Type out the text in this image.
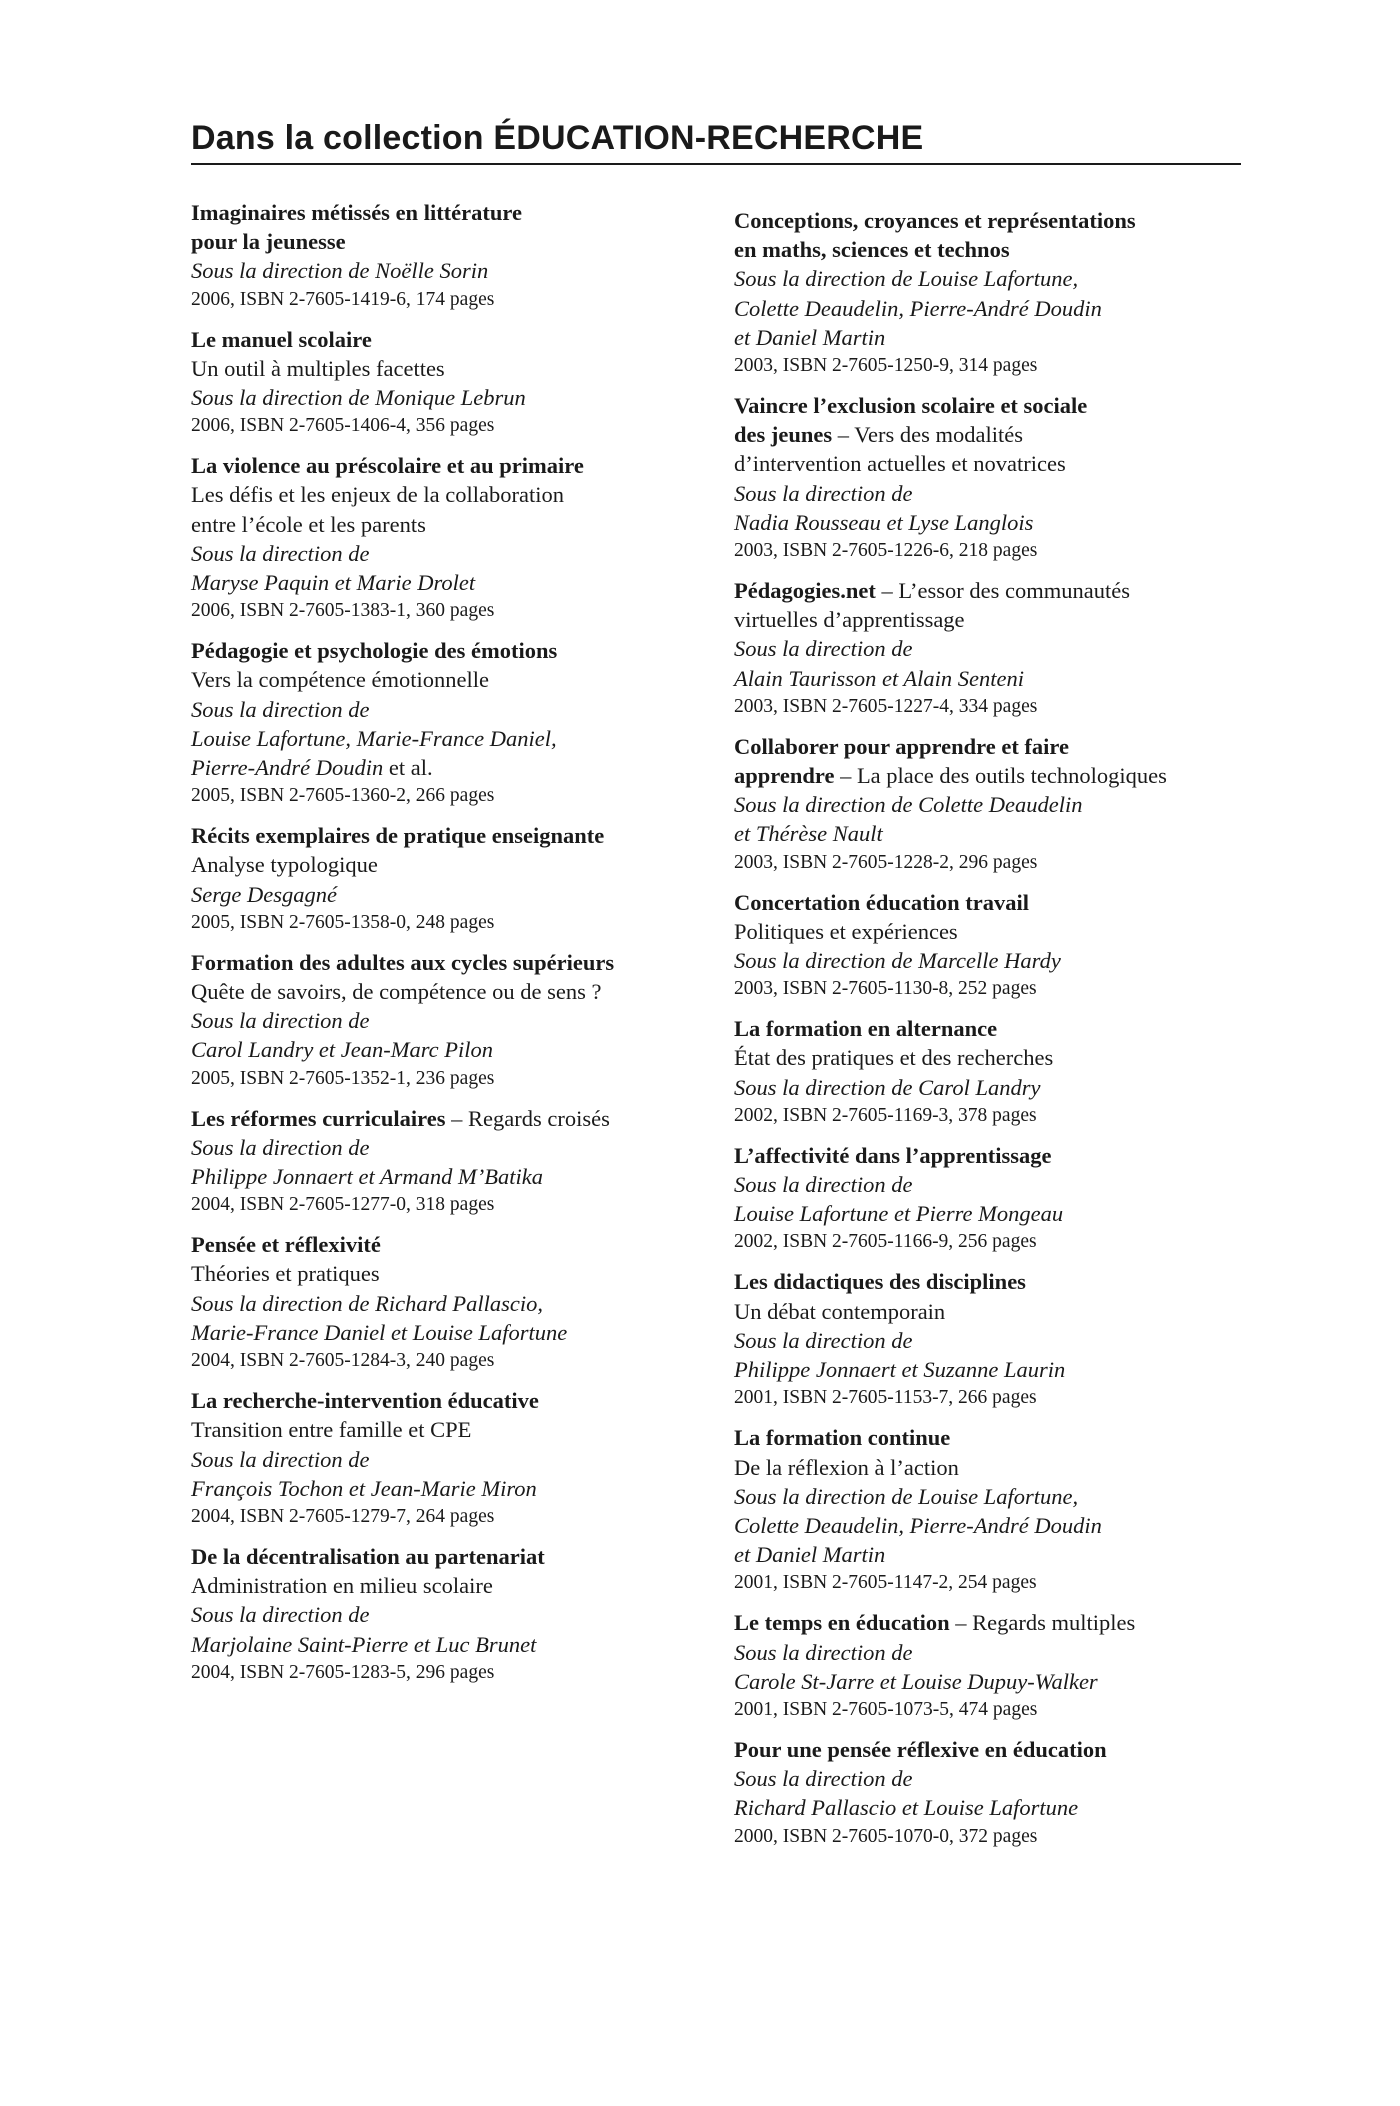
Dans la collection ÉDUCATION-RECHERCHE
Imaginaires métissés en littérature
pour la jeunesse
Sous la direction de Noëlle Sorin
2006, ISBN 2-7605-1419-6, 174 pages
Le manuel scolaire
Un outil à multiples facettes
Sous la direction de Monique Lebrun
2006, ISBN 2-7605-1406-4, 356 pages
La violence au préscolaire et au primaire
Les défis et les enjeux de la collaboration
entre l’école et les parents
Sous la direction de
Maryse Paquin et Marie Drolet
2006, ISBN 2-7605-1383-1, 360 pages
Pédagogie et psychologie des émotions
Vers la compétence émotionnelle
Sous la direction de
Louise Lafortune, Marie-France Daniel,
Pierre-André Doudin et al.
2005, ISBN 2-7605-1360-2, 266 pages
Récits exemplaires de pratique enseignante
Analyse typologique
Serge Desgagné
2005, ISBN 2-7605-1358-0, 248 pages
Formation des adultes aux cycles supérieurs
Quête de savoirs, de compétence ou de sens ?
Sous la direction de
Carol Landry et Jean-Marc Pilon
2005, ISBN 2-7605-1352-1, 236 pages
Les réformes curriculaires – Regards croisés
Sous la direction de
Philippe Jonnaert et Armand M’Batika
2004, ISBN 2-7605-1277-0, 318 pages
Pensée et réflexivité
Théories et pratiques
Sous la direction de Richard Pallascio,
Marie-France Daniel et Louise Lafortune
2004, ISBN 2-7605-1284-3, 240 pages
La recherche-intervention éducative
Transition entre famille et CPE
Sous la direction de
François Tochon et Jean-Marie Miron
2004, ISBN 2-7605-1279-7, 264 pages
De la décentralisation au partenariat
Administration en milieu scolaire
Sous la direction de
Marjolaine Saint-Pierre et Luc Brunet
2004, ISBN 2-7605-1283-5, 296 pages
Conceptions, croyances et représentations
en maths, sciences et technos
Sous la direction de Louise Lafortune,
Colette Deaudelin, Pierre-André Doudin
et Daniel Martin
2003, ISBN 2-7605-1250-9, 314 pages
Vaincre l’exclusion scolaire et sociale
des jeunes – Vers des modalités
d’intervention actuelles et novatrices
Sous la direction de
Nadia Rousseau et Lyse Langlois
2003, ISBN 2-7605-1226-6, 218 pages
Pédagogies.net – L’essor des communautés
virtuelles d’apprentissage
Sous la direction de
Alain Taurisson et Alain Senteni
2003, ISBN 2-7605-1227-4, 334 pages
Collaborer pour apprendre et faire
apprendre – La place des outils technologiques
Sous la direction de Colette Deaudelin
et Thérèse Nault
2003, ISBN 2-7605-1228-2, 296 pages
Concertation éducation travail
Politiques et expériences
Sous la direction de Marcelle Hardy
2003, ISBN 2-7605-1130-8, 252 pages
La formation en alternance
État des pratiques et des recherches
Sous la direction de Carol Landry
2002, ISBN 2-7605-1169-3, 378 pages
L’affectivité dans l’apprentissage
Sous la direction de
Louise Lafortune et Pierre Mongeau
2002, ISBN 2-7605-1166-9, 256 pages
Les didactiques des disciplines
Un débat contemporain
Sous la direction de
Philippe Jonnaert et Suzanne Laurin
2001, ISBN 2-7605-1153-7, 266 pages
La formation continue
De la réflexion à l’action
Sous la direction de Louise Lafortune,
Colette Deaudelin, Pierre-André Doudin
et Daniel Martin
2001, ISBN 2-7605-1147-2, 254 pages
Le temps en éducation – Regards multiples
Sous la direction de
Carole St-Jarre et Louise Dupuy-Walker
2001, ISBN 2-7605-1073-5, 474 pages
Pour une pensée réflexive en éducation
Sous la direction de
Richard Pallascio et Louise Lafortune
2000, ISBN 2-7605-1070-0, 372 pages
